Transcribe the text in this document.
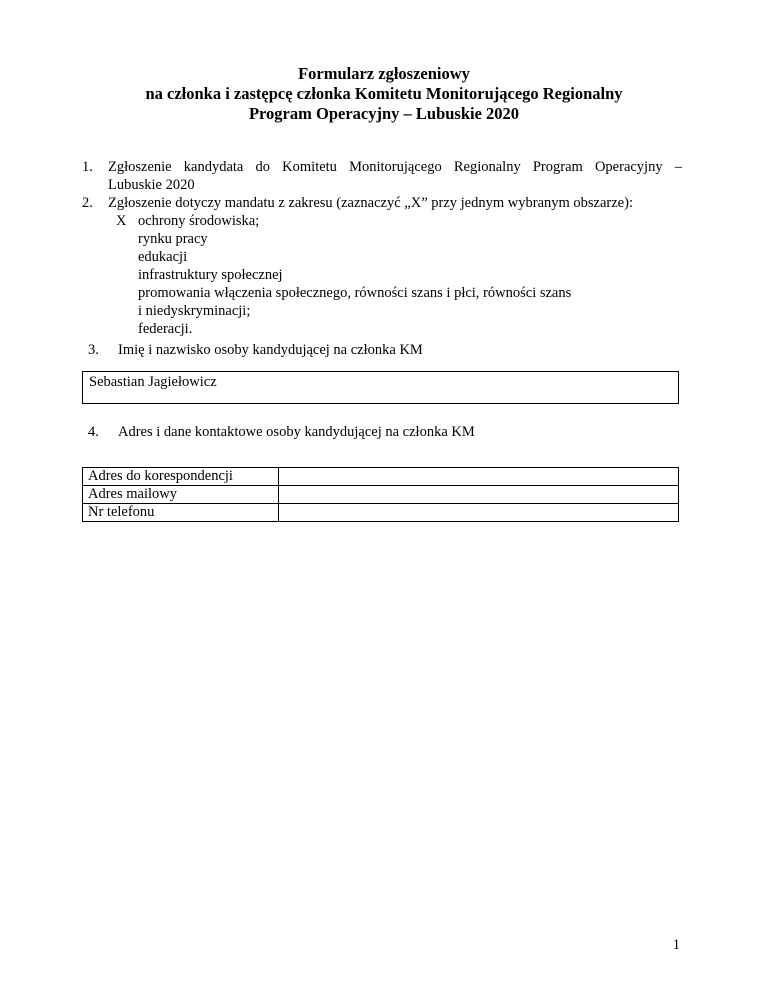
Formularz zgłoszeniowy
na członka i zastępcę członka Komitetu Monitorującego Regionalny
Program Operacyjny – Lubuskie 2020
1. Zgłoszenie kandydata do Komitetu Monitorującego Regionalny Program Operacyjny –
Lubuskie 2020
2. Zgłoszenie dotyczy mandatu z zakresu (zaznaczyć „X” przy jednym wybranym obszarze):
X ochrony środowiska;
rynku pracy
edukacji
infrastruktury społecznej
promowania włączenia społecznego, równości szans i płci, równości szans
i niedyskryminacji;
federacji.
3. Imię i nazwisko osoby kandydującej na członka KM
Sebastian Jagiełowicz
4. Adres i dane kontaktowe osoby kandydującej na członka KM
Adres do korespondencji	
Adres mailowy	
Nr telefonu	
1
